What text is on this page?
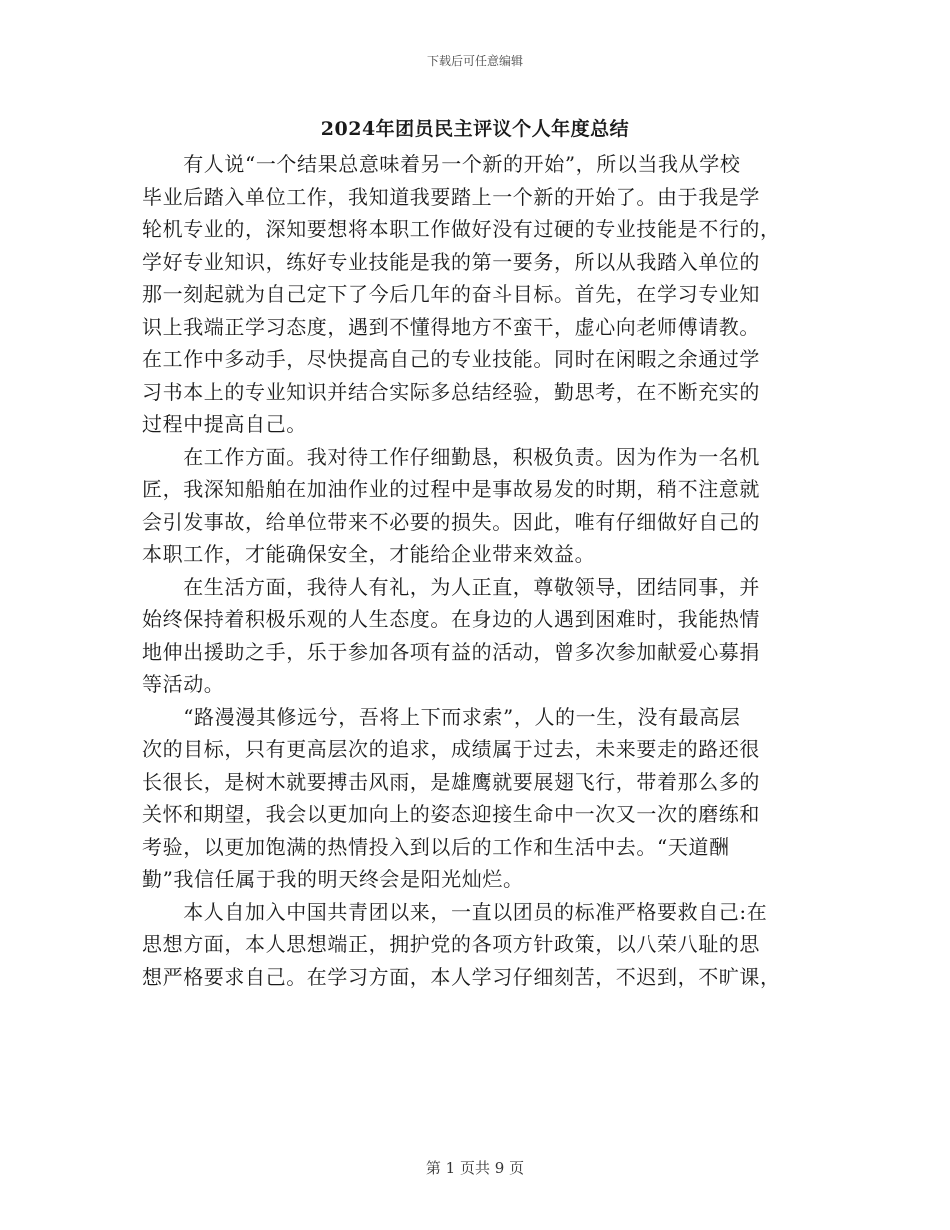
下载后可任意编辑
2024年团员民主评议个人年度总结
　　有人说“一个结果总意味着另一个新的开始”，所以当我从学校
毕业后踏入单位工作，我知道我要踏上一个新的开始了。由于我是学
轮机专业的，深知要想将本职工作做好没有过硬的专业技能是不行的，
学好专业知识，练好专业技能是我的第一要务，所以从我踏入单位的
那一刻起就为自己定下了今后几年的奋斗目标。首先，在学习专业知
识上我端正学习态度，遇到不懂得地方不蛮干，虚心向老师傅请教。
在工作中多动手，尽快提高自己的专业技能。同时在闲暇之余通过学
习书本上的专业知识并结合实际多总结经验，勤思考，在不断充实的
过程中提高自己。
　　在工作方面。我对待工作仔细勤恳，积极负责。因为作为一名机
匠，我深知船舶在加油作业的过程中是事故易发的时期，稍不注意就
会引发事故，给单位带来不必要的损失。因此，唯有仔细做好自己的
本职工作，才能确保安全，才能给企业带来效益。
　　在生活方面，我待人有礼，为人正直，尊敬领导，团结同事，并
始终保持着积极乐观的人生态度。在身边的人遇到困难时，我能热情
地伸出援助之手，乐于参加各项有益的活动，曾多次参加献爱心募捐
等活动。
　　“路漫漫其修远兮，吾将上下而求索”，人的一生，没有最高层
次的目标，只有更高层次的追求，成绩属于过去，未来要走的路还很
长很长，是树木就要搏击风雨，是雄鹰就要展翅飞行，带着那么多的
关怀和期望，我会以更加向上的姿态迎接生命中一次又一次的磨练和
考验，以更加饱满的热情投入到以后的工作和生活中去。“天道酬
勤”我信任属于我的明天终会是阳光灿烂。
　　本人自加入中国共青团以来，一直以团员的标准严格要救自己:在
思想方面，本人思想端正，拥护党的各项方针政策，以八荣八耻的思
想严格要求自己。在学习方面，本人学习仔细刻苦，不迟到，不旷课，
第 1 页共 9 页
